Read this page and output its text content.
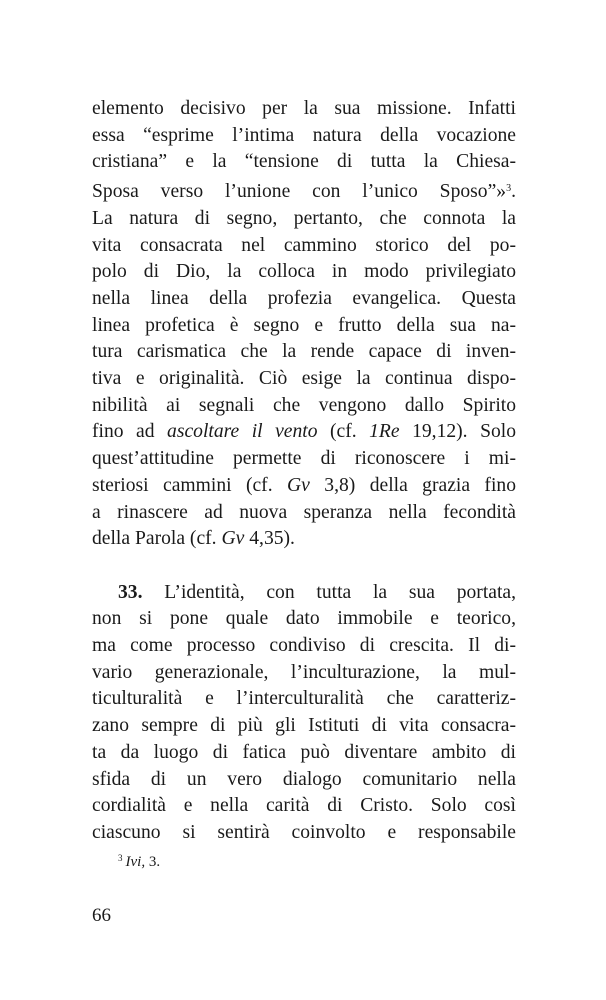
elemento decisivo per la sua missione. Infatti
essa “esprime l’intima natura della vocazione
cristiana” e la “tensione di tutta la Chiesa-
Sposa verso l’unione con l’unico Sposo”»$^3$.
La natura di segno, pertanto, che connota la
vita consacrata nel cammino storico del po-
polo di Dio, la colloca in modo privilegiato
nella linea della profezia evangelica. Questa
linea profetica è segno e frutto della sua na-
tura carismatica che la rende capace di inven-
tiva e originalità. Ciò esige la continua dispo-
nibilità ai segnali che vengono dallo Spirito
fino ad ascoltare il vento (cf. 1Re 19,12). Solo
quest’attitudine permette di riconoscere i mi-
steriosi cammini (cf. Gv 3,8) della grazia fino
a rinascere ad nuova speranza nella fecondità
della Parola (cf. Gv 4,35).
33. L’identità, con tutta la sua portata,
non si pone quale dato immobile e teorico,
ma come processo condiviso di crescita. Il di-
vario generazionale, l’inculturazione, la mul-
ticulturalità e l’interculturalità che caratteriz-
zano sempre di più gli Istituti di vita consacra-
ta da luogo di fatica può diventare ambito di
sfida di un vero dialogo comunitario nella
cordialità e nella carità di Cristo. Solo così
ciascuno si sentirà coinvolto e responsabile
$^3$ Ivi, 3.
66
